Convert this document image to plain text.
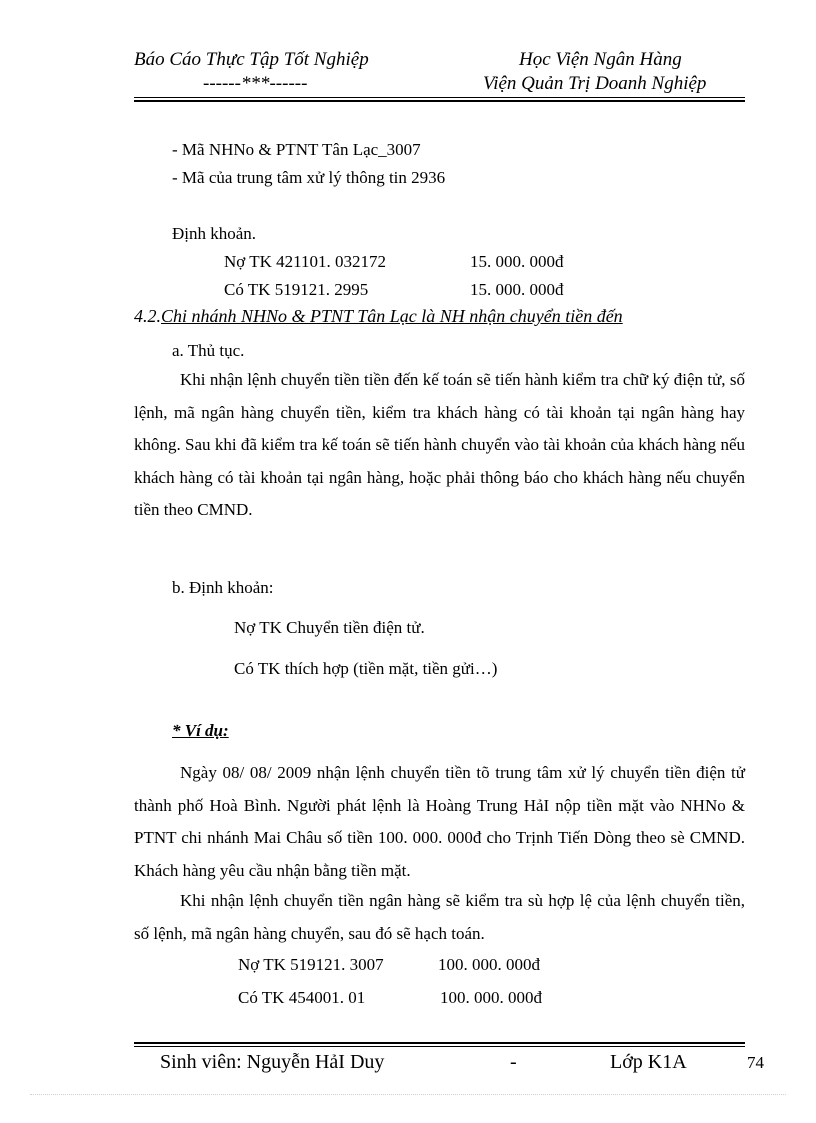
Báo Cáo Thực Tập Tốt Nghiệp
------***------
Học Viện Ngân Hàng
Viện Quản Trị Doanh Nghiệp
- Mã NHNo & PTNT Tân Lạc_3007
- Mã của trung tâm xử lý thông tin 2936
Định khoản.
Nợ TK 421101. 032172	15. 000. 000đ
Có TK 519121. 2995	15. 000. 000đ
4.2.Chi nhánh NHNo & PTNT Tân Lạc là NH nhận chuyển tiền đến
a. Thủ tục.
Khi nhận lệnh chuyển tiền tiền đến kế toán sẽ tiến hành kiểm tra chữ ký điện tử, số lệnh, mã ngân hàng chuyển tiền, kiểm tra khách hàng có tài khoản tại ngân hàng hay không. Sau khi đã kiểm tra kế toán sẽ tiến hành chuyển vào tài khoản của khách hàng nếu khách hàng có tài khoản tại ngân hàng, hoặc phải thông báo cho khách hàng nếu chuyển tiền theo CMND.
b. Định khoản:
Nợ TK Chuyển tiền điện tử.
Có TK thích hợp (tiền mặt, tiền gửi…)
* Ví dụ:
Ngày 08/ 08/ 2009 nhận lệnh chuyển tiền tõ trung tâm xử lý chuyển tiền điện tử thành phố Hoà Bình. Người phát lệnh là Hoàng Trung HảI nộp tiền mặt vào NHNo & PTNT chi nhánh Mai Châu số tiền 100. 000. 000đ cho Trịnh Tiến Dòng theo sè CMND. Khách hàng yêu cầu nhận bằng tiền mặt.
Khi nhận lệnh chuyển tiền ngân hàng sẽ kiểm tra sù hợp lệ của lệnh chuyển tiền, số lệnh, mã ngân hàng chuyển, sau đó sẽ hạch toán.
Nợ TK 519121. 3007	100. 000. 000đ
Có TK 454001. 01	100. 000. 000đ
Sinh viên: Nguyễn HảI Duy	-	Lớp K1A	74
